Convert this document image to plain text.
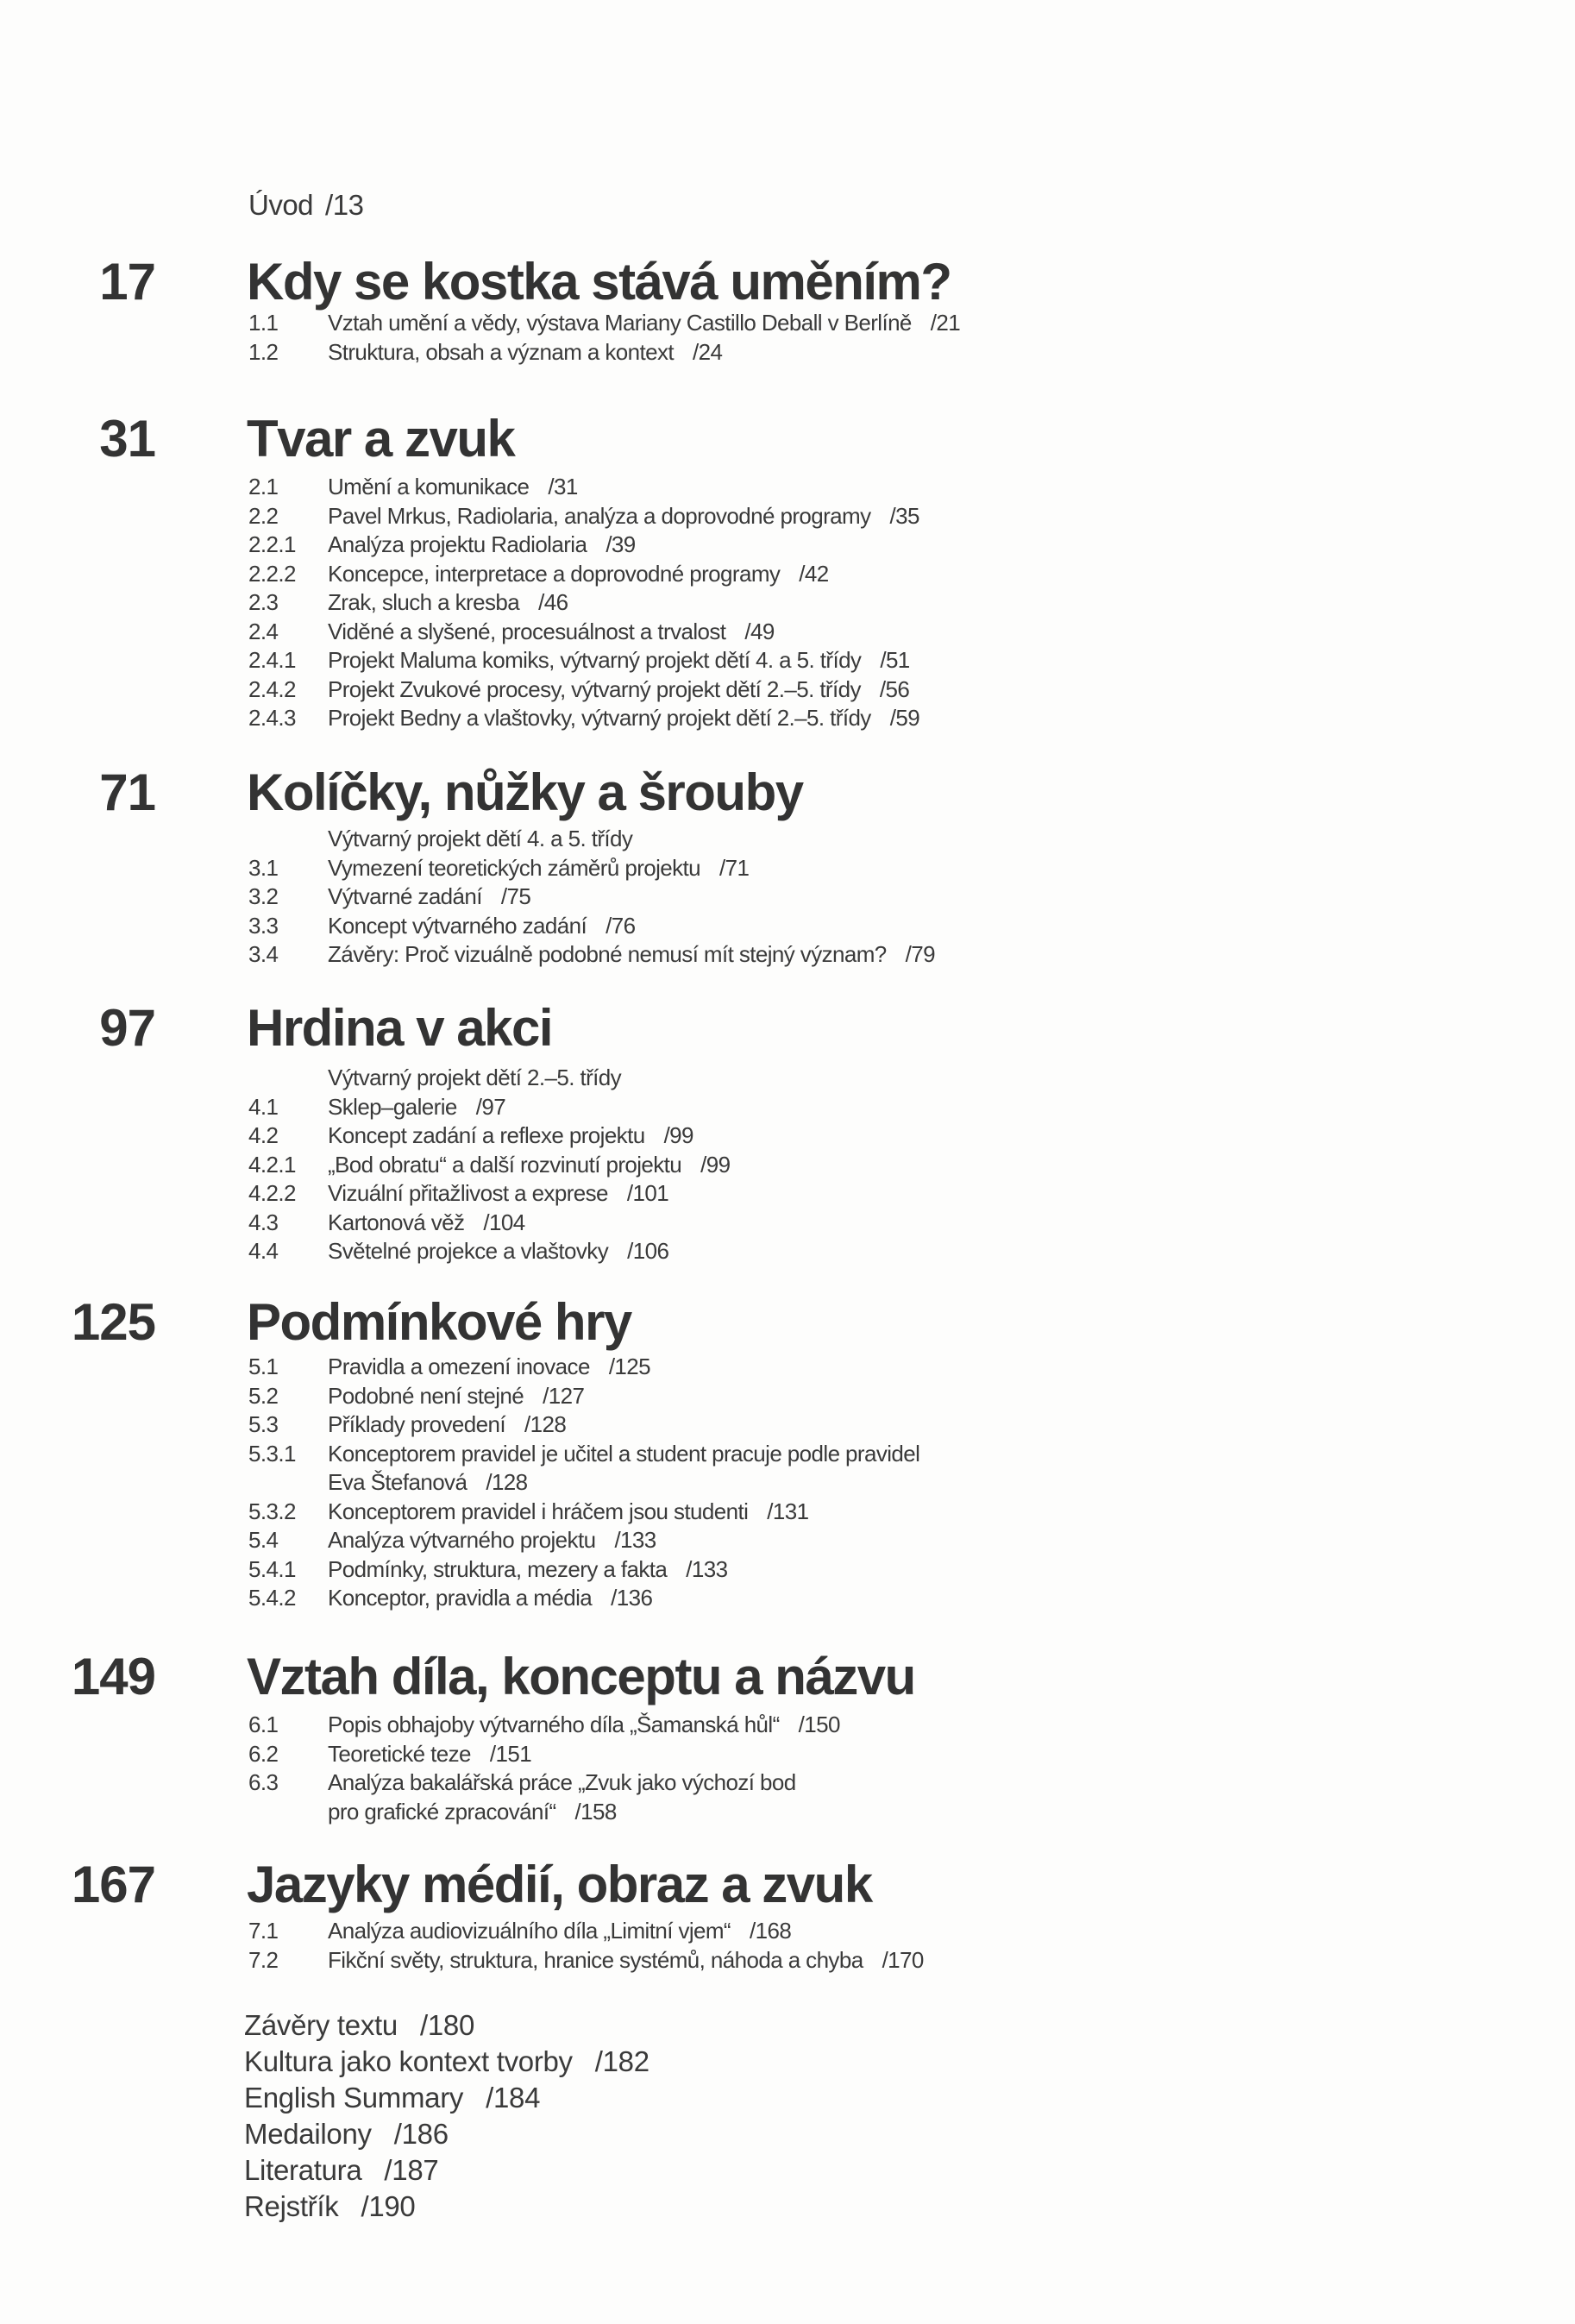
Úvod /13
17 Kdy se kostka stává uměním?
1.1	Vztah umění a vědy, výstava Mariany Castillo Deball v Berlíně /21
1.2	Struktura, obsah a význam a kontext /24
31 Tvar a zvuk
2.1	Umění a komunikace /31
2.2	Pavel Mrkus, Radiolaria, analýza a doprovodné programy /35
2.2.1	Analýza projektu Radiolaria /39
2.2.2	Koncepce, interpretace a doprovodné programy /42
2.3	Zrak, sluch a kresba /46
2.4	Viděné a slyšené, procesuálnost a trvalost /49
2.4.1	Projekt Maluma komiks, výtvarný projekt dětí 4. a 5. třídy /51
2.4.2	Projekt Zvukové procesy, výtvarný projekt dětí 2.–5. třídy /56
2.4.3	Projekt Bedny a vlaštovky, výtvarný projekt dětí 2.–5. třídy /59
71 Kolíčky, nůžky a šrouby
Výtvarný projekt dětí 4. a 5. třídy
3.1	Vymezení teoretických záměrů projektu /71
3.2	Výtvarné zadání /75
3.3	Koncept výtvarného zadání /76
3.4	Závěry: Proč vizuálně podobné nemusí mít stejný význam? /79
97 Hrdina v akci
Výtvarný projekt dětí 2.–5. třídy
4.1	Sklep–galerie /97
4.2	Koncept zadání a reflexe projektu /99
4.2.1	„Bod obratu“ a další rozvinutí projektu /99
4.2.2	Vizuální přitažlivost a exprese /101
4.3	Kartonová věž /104
4.4	Světelné projekce a vlaštovky /106
125 Podmínkové hry
5.1	Pravidla a omezení inovace /125
5.2	Podobné není stejné /127
5.3	Příklady provedení /128
5.3.1	Konceptorem pravidel je učitel a student pracuje podle pravidel
Eva Štefanová /128
5.3.2	Konceptorem pravidel i hráčem jsou studenti /131
5.4	Analýza výtvarného projektu /133
5.4.1	Podmínky, struktura, mezery a fakta /133
5.4.2	Konceptor, pravidla a média /136
149 Vztah díla, konceptu a názvu
6.1	Popis obhajoby výtvarného díla „Šamanská hůl“ /150
6.2	Teoretické teze /151
6.3	Analýza bakalářská práce „Zvuk jako výchozí bod
pro grafické zpracování“ /158
167 Jazyky médií, obraz a zvuk
7.1	Analýza audiovizuálního díla „Limitní vjem“ /168
7.2	Fikční světy, struktura, hranice systémů, náhoda a chyba /170
Závěry textu /180
Kultura jako kontext tvorby /182
English Summary /184
Medailony /186
Literatura /187
Rejstřík /190
